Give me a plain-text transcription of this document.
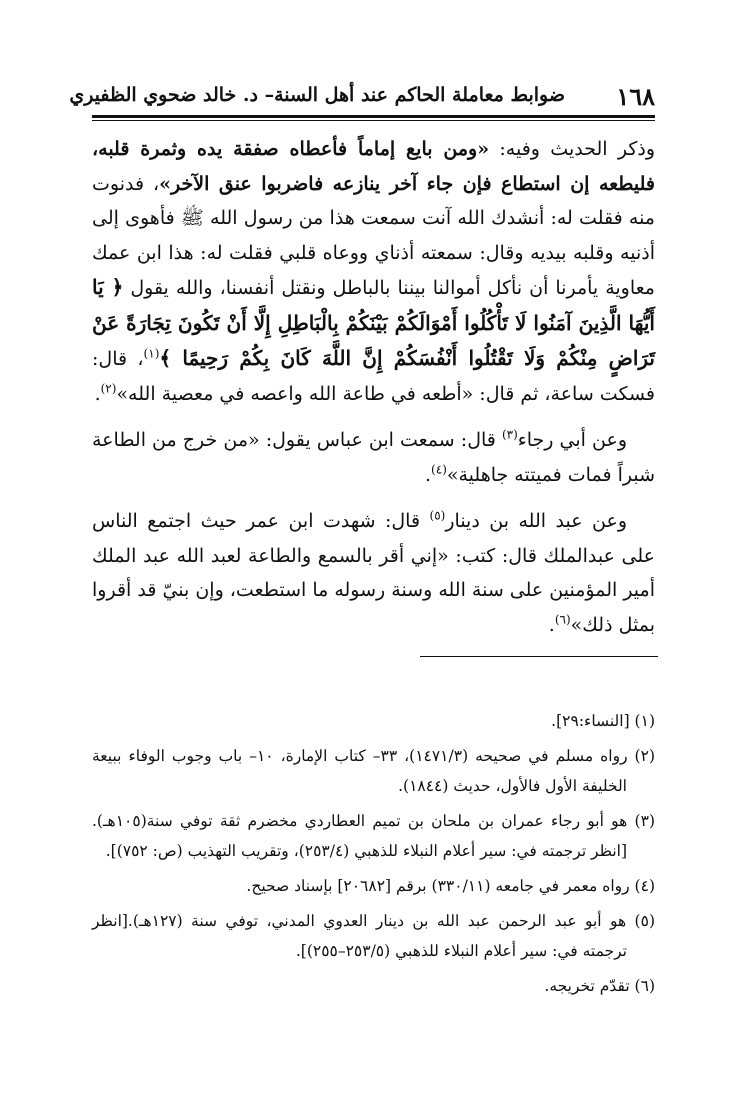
١٦٨
ضوابط معاملة الحاكم عند أهل السنة– د. خالد ضحوي الظفيري

وذكر الحديث وفيه: «ومن بايع إماماً فأعطاه صفقة يده وثمرة قلبه، فليطعه إن استطاع فإن جاء آخر ينازعه فاضربوا عنق الآخر»، فدنوت منه فقلت له: أنشدك الله آنت سمعت هذا من رسول الله ﷺ فأهوى إلى أذنيه وقلبه بيديه وقال: سمعته أذناي ووعاه قلبي فقلت له: هذا ابن عمك معاوية يأمرنا أن نأكل أموالنا بيننا بالباطل ونقتل أنفسنا، والله يقول ﴿ يَا أَيُّهَا الَّذِينَ آمَنُوا لَا تَأْكُلُوا أَمْوَالَكُمْ بَيْنَكُمْ بِالْبَاطِلِ إِلَّا أَنْ تَكُونَ تِجَارَةً عَنْ تَرَاضٍ مِنْكُمْ وَلَا تَقْتُلُوا أَنْفُسَكُمْ إِنَّ اللَّهَ كَانَ بِكُمْ رَحِيمًا ﴾$^{(١)}$، قال: فسكت ساعة، ثم قال: «أطعه في طاعة الله واعصه في معصية الله»$^{(٢)}$.

وعن أبي رجاء$^{(٣)}$ قال: سمعت ابن عباس يقول: «من خرج من الطاعة شبراً فمات فميتته جاهلية»$^{(٤)}$.

وعن عبد الله بن دينار$^{(٥)}$ قال: شهدت ابن عمر حيث اجتمع الناس على عبدالملك قال: كتب: «إني أقر بالسمع والطاعة لعبد الله عبد الملك أمير المؤمنين على سنة الله وسنة رسوله ما استطعت، وإن بنيّ قد أقروا بمثل ذلك»$^{(٦)}$.

(١) [النساء:٢٩].

(٢) رواه مسلم في صحيحه (١٤٧١/٣)، ٣٣– كتاب الإمارة، ١٠– باب وجوب الوفاء ببيعة الخليفة الأول فالأول، حديث (١٨٤٤).

(٣) هو أبو رجاء عمران بن ملحان بن تميم العطاردي مخضرم ثقة توفي سنة(١٠٥هـ). [انظر ترجمته في: سير أعلام النبلاء للذهبي (٢٥٣/٤)، وتقريب التهذيب (ص: ٧٥٢)].

(٤) رواه معمر في جامعه (٣٣٠/١١) برقم [٢٠٦٨٢] بإسناد صحيح.

(٥) هو أبو عبد الرحمن عبد الله بن دينار العدوي المدني، توفي سنة (١٢٧هـ).[انظر ترجمته في: سير أعلام النبلاء للذهبي (٢٥٣/٥–٢٥٥)].

(٦) تقدّم تخريجه.
